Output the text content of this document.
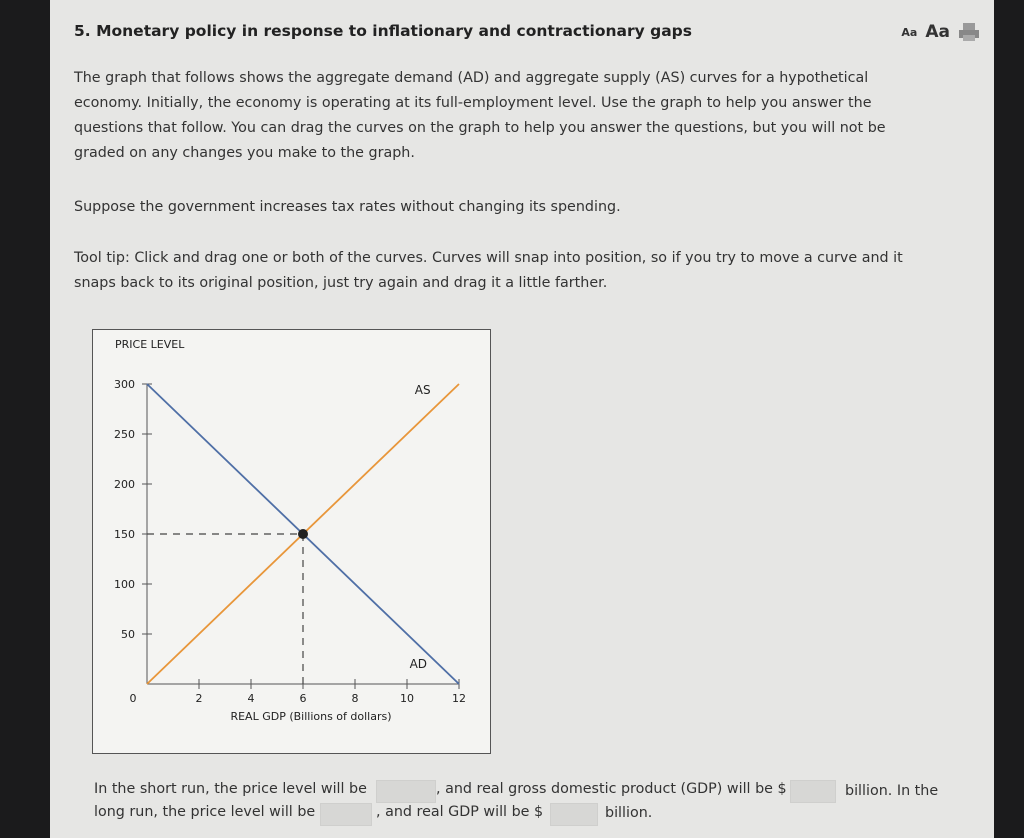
5. Monetary policy in response to inflationary and contractionary gaps	Aa Aa
The graph that follows shows the aggregate demand (AD) and aggregate supply (AS) curves for a hypothetical economy. Initially, the economy is operating at its full-employment level. Use the graph to help you answer the questions that follow. You can drag the curves on the graph to help you answer the questions, but you will not be graded on any changes you make to the graph.
Suppose the government increases tax rates without changing its spending.
Tool tip: Click and drag one or both of the curves. Curves will snap into position, so if you try to move a curve and it snaps back to its original position, just try again and drag it a little farther.
PRICE LEVEL
50
100
150
200
250
300
0	2	4	6	8	10	12
REAL GDP (Billions of dollars)
AS
AD
In the short run, the price level will be	, and real gross domestic product (GDP) will be $	billion. In the
long run, the price level will be	, and real GDP will be $	billion.
